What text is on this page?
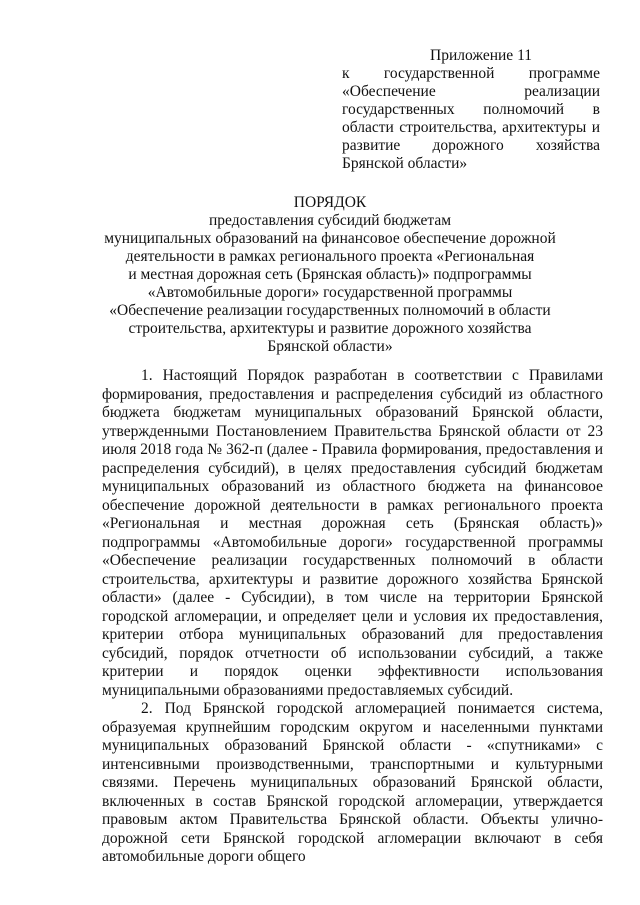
Приложение 11
к государственной программе «Обеспечение реализации государственных полномочий в области строительства, архитектуры и развитие дорожного хозяйства Брянской области»
ПОРЯДОК
предоставления субсидий бюджетам
муниципальных образований на финансовое обеспечение дорожной
деятельности в рамках регионального проекта «Региональная
и местная дорожная сеть (Брянская область)» подпрограммы
«Автомобильные дороги» государственной программы
«Обеспечение реализации государственных полномочий в области
строительства, архитектуры и развитие дорожного хозяйства
Брянской области»

1. Настоящий Порядок разработан в соответствии с Правилами формирования, предоставления и распределения субсидий из областного бюджета бюджетам муниципальных образований Брянской области, утвержденными Постановлением Правительства Брянской области от 23 июля 2018 года № 362-п (далее - Правила формирования, предоставления и распределения субсидий), в целях предоставления субсидий бюджетам муниципальных образований из областного бюджета на финансовое обеспечение дорожной деятельности в рамках регионального проекта «Региональная и местная дорожная сеть (Брянская область)» подпрограммы «Автомобильные дороги» государственной программы «Обеспечение реализации государственных полномочий в области строительства, архитектуры и развитие дорожного хозяйства Брянской области» (далее - Субсидии), в том числе на территории Брянской городской агломерации, и определяет цели и условия их предоставления, критерии отбора муниципальных образований для предоставления субсидий, порядок отчетности об использовании субсидий, а также критерии и порядок оценки эффективности использования муниципальными образованиями предоставляемых субсидий.

2. Под Брянской городской агломерацией понимается система, образуемая крупнейшим городским округом и населенными пунктами муниципальных образований Брянской области - «спутниками» с интенсивными производственными, транспортными и культурными связями. Перечень муниципальных образований Брянской области, включенных в состав Брянской городской агломерации, утверждается правовым актом Правительства Брянской области. Объекты улично-дорожной сети Брянской городской агломерации включают в себя автомобильные дороги общего
